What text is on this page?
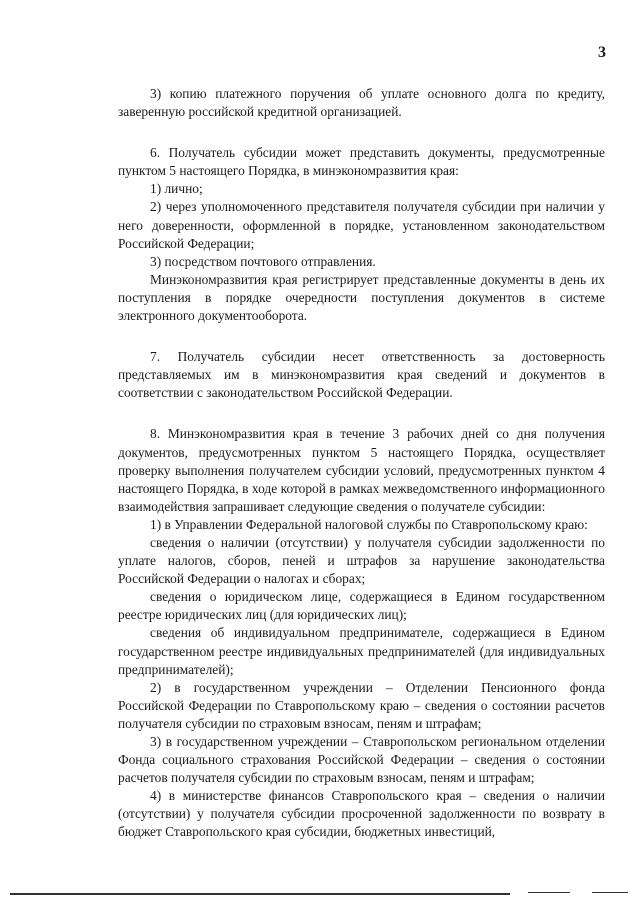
3

3) копию платежного поручения об уплате основного долга по кредиту, заверенную российской кредитной организацией.

6. Получатель субсидии может представить документы, предусмотренные пунктом 5 настоящего Порядка, в минэкономразвития края:

1) лично;

2) через уполномоченного представителя получателя субсидии при наличии у него доверенности, оформленной в порядке, установленном законодательством Российской Федерации;

3) посредством почтового отправления.

Минэкономразвития края регистрирует представленные документы в день их поступления в порядке очередности поступления документов в системе электронного документооборота.

7. Получатель субсидии несет ответственность за достоверность представляемых им в минэкономразвития края сведений и документов в соответствии с законодательством Российской Федерации.

8. Минэкономразвития края в течение 3 рабочих дней со дня получения документов, предусмотренных пунктом 5 настоящего Порядка, осуществляет проверку выполнения получателем субсидии условий, предусмотренных пунктом 4 настоящего Порядка, в ходе которой в рамках межведомственного информационного взаимодействия запрашивает следующие сведения о получателе субсидии:

1) в Управлении Федеральной налоговой службы по Ставропольскому краю:

сведения о наличии (отсутствии) у получателя субсидии задолженности по уплате налогов, сборов, пеней и штрафов за нарушение законодательства Российской Федерации о налогах и сборах;

сведения о юридическом лице, содержащиеся в Едином государственном реестре юридических лиц (для юридических лиц);

сведения об индивидуальном предпринимателе, содержащиеся в Едином государственном реестре индивидуальных предпринимателей (для индивидуальных предпринимателей);

2) в государственном учреждении – Отделении Пенсионного фонда Российской Федерации по Ставропольскому краю – сведения о состоянии расчетов получателя субсидии по страховым взносам, пеням и штрафам;

3) в государственном учреждении – Ставропольском региональном отделении Фонда социального страхования Российской Федерации – сведения о состоянии расчетов получателя субсидии по страховым взносам, пеням и штрафам;

4) в министерстве финансов Ставропольского края – сведения о наличии (отсутствии) у получателя субсидии просроченной задолженности по возврату в бюджет Ставропольского края субсидии, бюджетных инвестиций,
